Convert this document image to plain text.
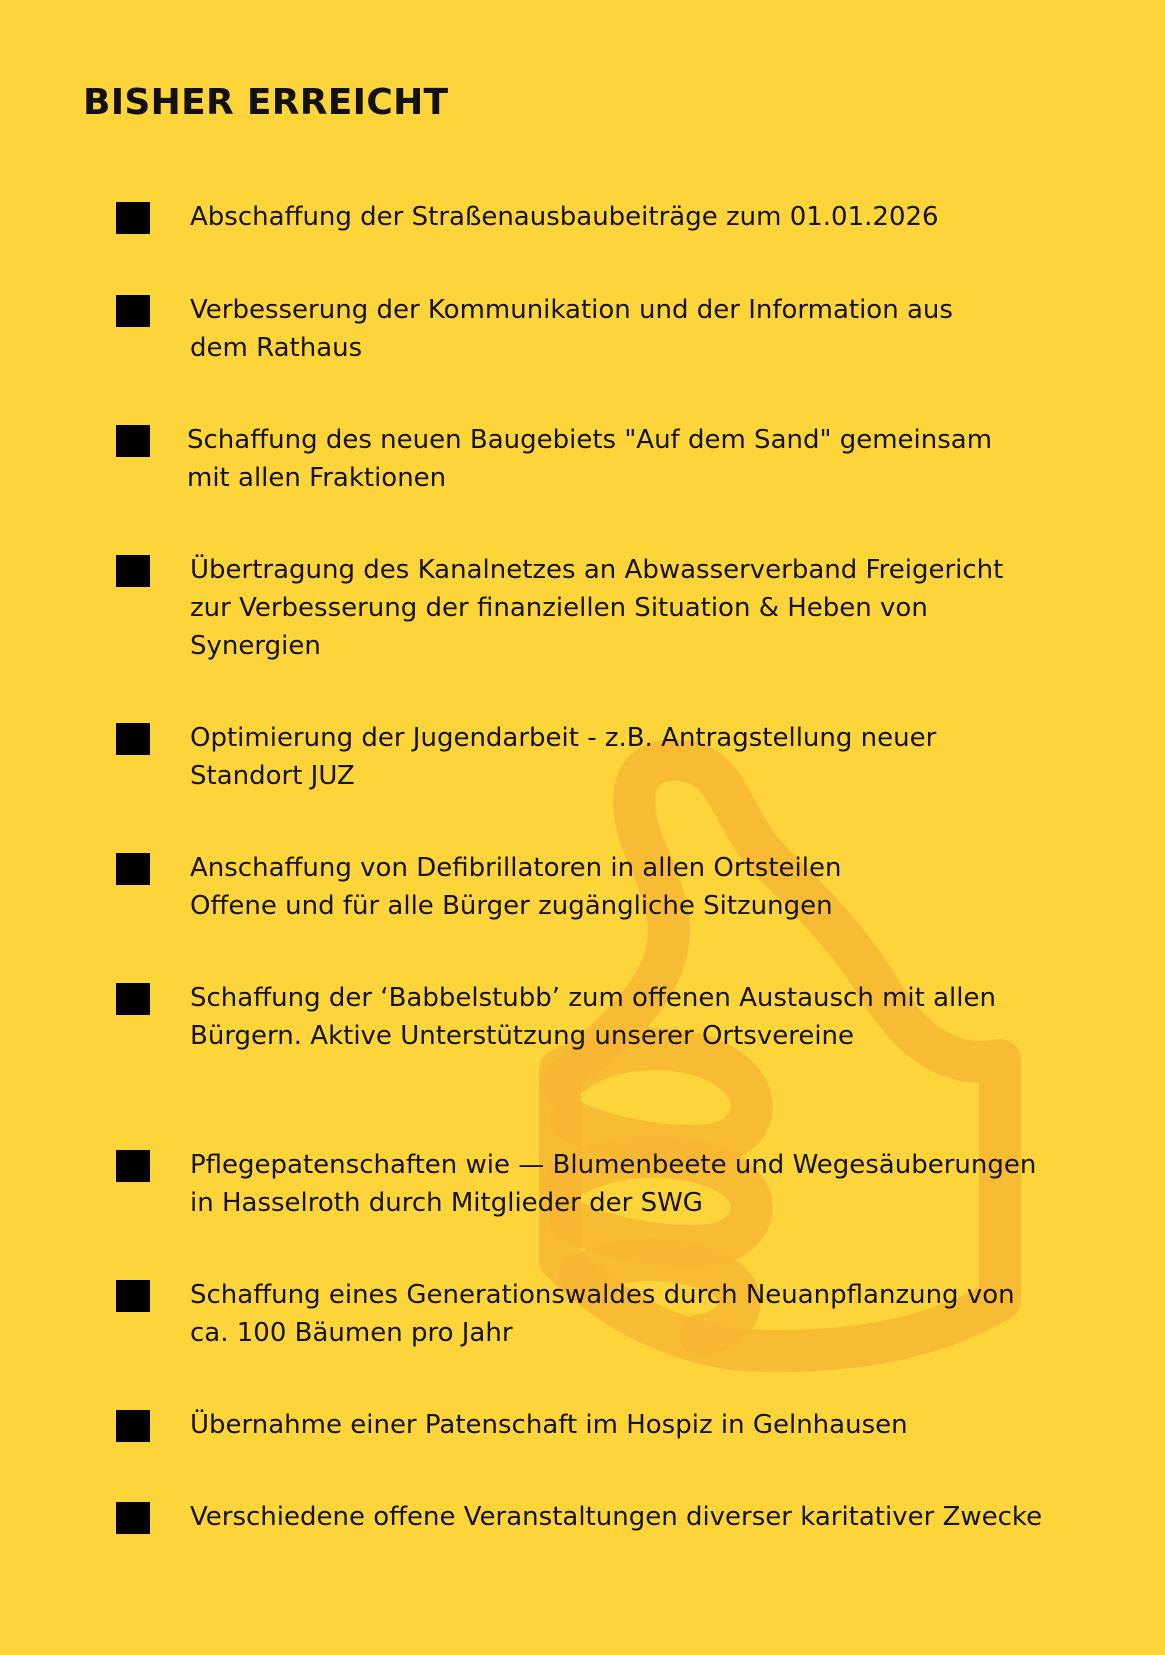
BISHER ERREICHT
Abschaffung der Straßenausbaubeiträge zum 01.01.2026
Verbesserung der Kommunikation und der Information aus
dem Rathaus
Schaffung des neuen Baugebiets "Auf dem Sand" gemeinsam
mit allen Fraktionen
Übertragung des Kanalnetzes an Abwasserverband Freigericht
zur Verbesserung der finanziellen Situation & Heben von
Synergien
Optimierung der Jugendarbeit - z.B. Antragstellung neuer
Standort JUZ
Anschaffung von Defibrillatoren in allen Ortsteilen
Offene und für alle Bürger zugängliche Sitzungen
Schaffung der ‘Babbelstubb’ zum offenen Austausch mit allen
Bürgern. Aktive Unterstützung unserer Ortsvereine
Pflegepatenschaften wie — Blumenbeete und Wegesäuberungen
in Hasselroth durch Mitglieder der SWG
Schaffung eines Generationswaldes durch Neuanpflanzung von
ca. 100 Bäumen pro Jahr
Übernahme einer Patenschaft im Hospiz in Gelnhausen
Verschiedene offene Veranstaltungen diverser karitativer Zwecke
